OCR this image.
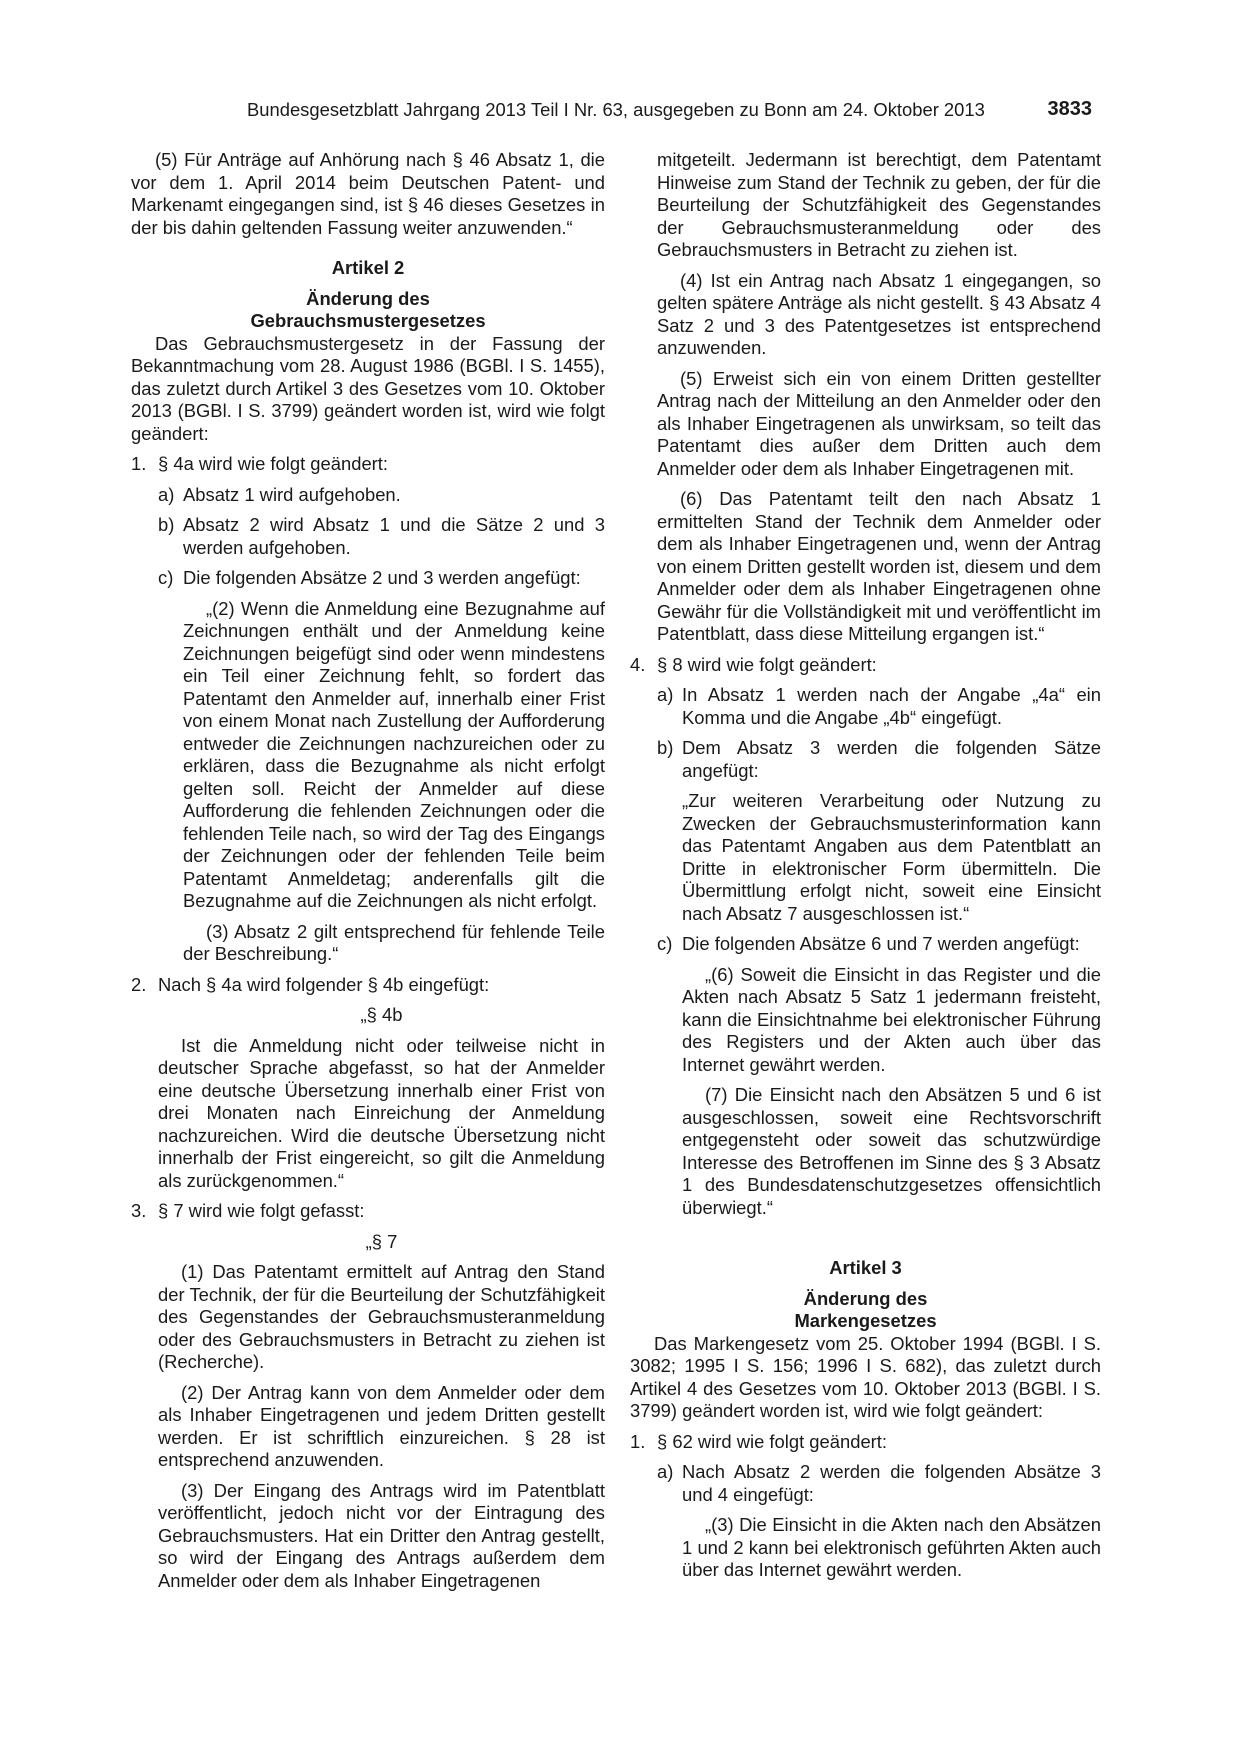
Bundesgesetzblatt Jahrgang 2013 Teil I Nr. 63, ausgegeben zu Bonn am 24. Oktober 2013	3833

(5) Für Anträge auf Anhörung nach § 46 Absatz 1, die vor dem 1. April 2014 beim Deutschen Patent- und Markenamt eingegangen sind, ist § 46 dieses Gesetzes in der bis dahin geltenden Fassung weiter anzuwenden.“

Artikel 2

Änderung des

Gebrauchsmustergesetzes

Das Gebrauchsmustergesetz in der Fassung der Bekanntmachung vom 28. August 1986 (BGBl. I S. 1455), das zuletzt durch Artikel 3 des Gesetzes vom 10. Oktober 2013 (BGBl. I S. 3799) geändert worden ist, wird wie folgt geändert:

1. § 4a wird wie folgt geändert:
a) Absatz 1 wird aufgehoben.
b) Absatz 2 wird Absatz 1 und die Sätze 2 und 3 werden aufgehoben.
c) Die folgenden Absätze 2 und 3 werden angefügt:

„(2) Wenn die Anmeldung eine Bezugnahme auf Zeichnungen enthält und der Anmeldung keine Zeichnungen beigefügt sind oder wenn mindestens ein Teil einer Zeichnung fehlt, so fordert das Patentamt den Anmelder auf, innerhalb einer Frist von einem Monat nach Zustellung der Aufforderung entweder die Zeichnungen nachzureichen oder zu erklären, dass die Bezugnahme als nicht erfolgt gelten soll. Reicht der Anmelder auf diese Aufforderung die fehlenden Zeichnungen oder die fehlenden Teile nach, so wird der Tag des Eingangs der Zeichnungen oder der fehlenden Teile beim Patentamt Anmeldetag; anderenfalls gilt die Bezugnahme auf die Zeichnungen als nicht erfolgt.

(3) Absatz 2 gilt entsprechend für fehlende Teile der Beschreibung.“

2. Nach § 4a wird folgender § 4b eingefügt:

„§ 4b

Ist die Anmeldung nicht oder teilweise nicht in deutscher Sprache abgefasst, so hat der Anmelder eine deutsche Übersetzung innerhalb einer Frist von drei Monaten nach Einreichung der Anmeldung nachzureichen. Wird die deutsche Übersetzung nicht innerhalb der Frist eingereicht, so gilt die Anmeldung als zurückgenommen.“

3. § 7 wird wie folgt gefasst:

„§ 7

(1) Das Patentamt ermittelt auf Antrag den Stand der Technik, der für die Beurteilung der Schutzfähigkeit des Gegenstandes der Gebrauchsmusteranmeldung oder des Gebrauchsmusters in Betracht zu ziehen ist (Recherche).

(2) Der Antrag kann von dem Anmelder oder dem als Inhaber Eingetragenen und jedem Dritten gestellt werden. Er ist schriftlich einzureichen. § 28 ist entsprechend anzuwenden.

(3) Der Eingang des Antrags wird im Patentblatt veröffentlicht, jedoch nicht vor der Eintragung des Gebrauchsmusters. Hat ein Dritter den Antrag gestellt, so wird der Eingang des Antrags außerdem dem Anmelder oder dem als Inhaber Eingetragenen

mitgeteilt. Jedermann ist berechtigt, dem Patentamt Hinweise zum Stand der Technik zu geben, der für die Beurteilung der Schutzfähigkeit des Gegenstandes der Gebrauchsmusteranmeldung oder des Gebrauchsmusters in Betracht zu ziehen ist.

(4) Ist ein Antrag nach Absatz 1 eingegangen, so gelten spätere Anträge als nicht gestellt. § 43 Absatz 4 Satz 2 und 3 des Patentgesetzes ist entsprechend anzuwenden.

(5) Erweist sich ein von einem Dritten gestellter Antrag nach der Mitteilung an den Anmelder oder den als Inhaber Eingetragenen als unwirksam, so teilt das Patentamt dies außer dem Dritten auch dem Anmelder oder dem als Inhaber Eingetragenen mit.

(6) Das Patentamt teilt den nach Absatz 1 ermittelten Stand der Technik dem Anmelder oder dem als Inhaber Eingetragenen und, wenn der Antrag von einem Dritten gestellt worden ist, diesem und dem Anmelder oder dem als Inhaber Eingetragenen ohne Gewähr für die Vollständigkeit mit und veröffentlicht im Patentblatt, dass diese Mitteilung ergangen ist.“

4. § 8 wird wie folgt geändert:
a) In Absatz 1 werden nach der Angabe „4a“ ein Komma und die Angabe „4b“ eingefügt.
b) Dem Absatz 3 werden die folgenden Sätze angefügt:

„Zur weiteren Verarbeitung oder Nutzung zu Zwecken der Gebrauchsmusterinformation kann das Patentamt Angaben aus dem Patentblatt an Dritte in elektronischer Form übermitteln. Die Übermittlung erfolgt nicht, soweit eine Einsicht nach Absatz 7 ausgeschlossen ist.“

c) Die folgenden Absätze 6 und 7 werden angefügt:

„(6) Soweit die Einsicht in das Register und die Akten nach Absatz 5 Satz 1 jedermann freisteht, kann die Einsichtnahme bei elektronischer Führung des Registers und der Akten auch über das Internet gewährt werden.

(7) Die Einsicht nach den Absätzen 5 und 6 ist ausgeschlossen, soweit eine Rechtsvorschrift entgegensteht oder soweit das schutzwürdige Interesse des Betroffenen im Sinne des § 3 Absatz 1 des Bundesdatenschutzgesetzes offensichtlich überwiegt.“

Artikel 3

Änderung des

Markengesetzes

Das Markengesetz vom 25. Oktober 1994 (BGBl. I S. 3082; 1995 I S. 156; 1996 I S. 682), das zuletzt durch Artikel 4 des Gesetzes vom 10. Oktober 2013 (BGBl. I S. 3799) geändert worden ist, wird wie folgt geändert:

1. § 62 wird wie folgt geändert:
a) Nach Absatz 2 werden die folgenden Absätze 3 und 4 eingefügt:

„(3) Die Einsicht in die Akten nach den Absätzen 1 und 2 kann bei elektronisch geführten Akten auch über das Internet gewährt werden.
